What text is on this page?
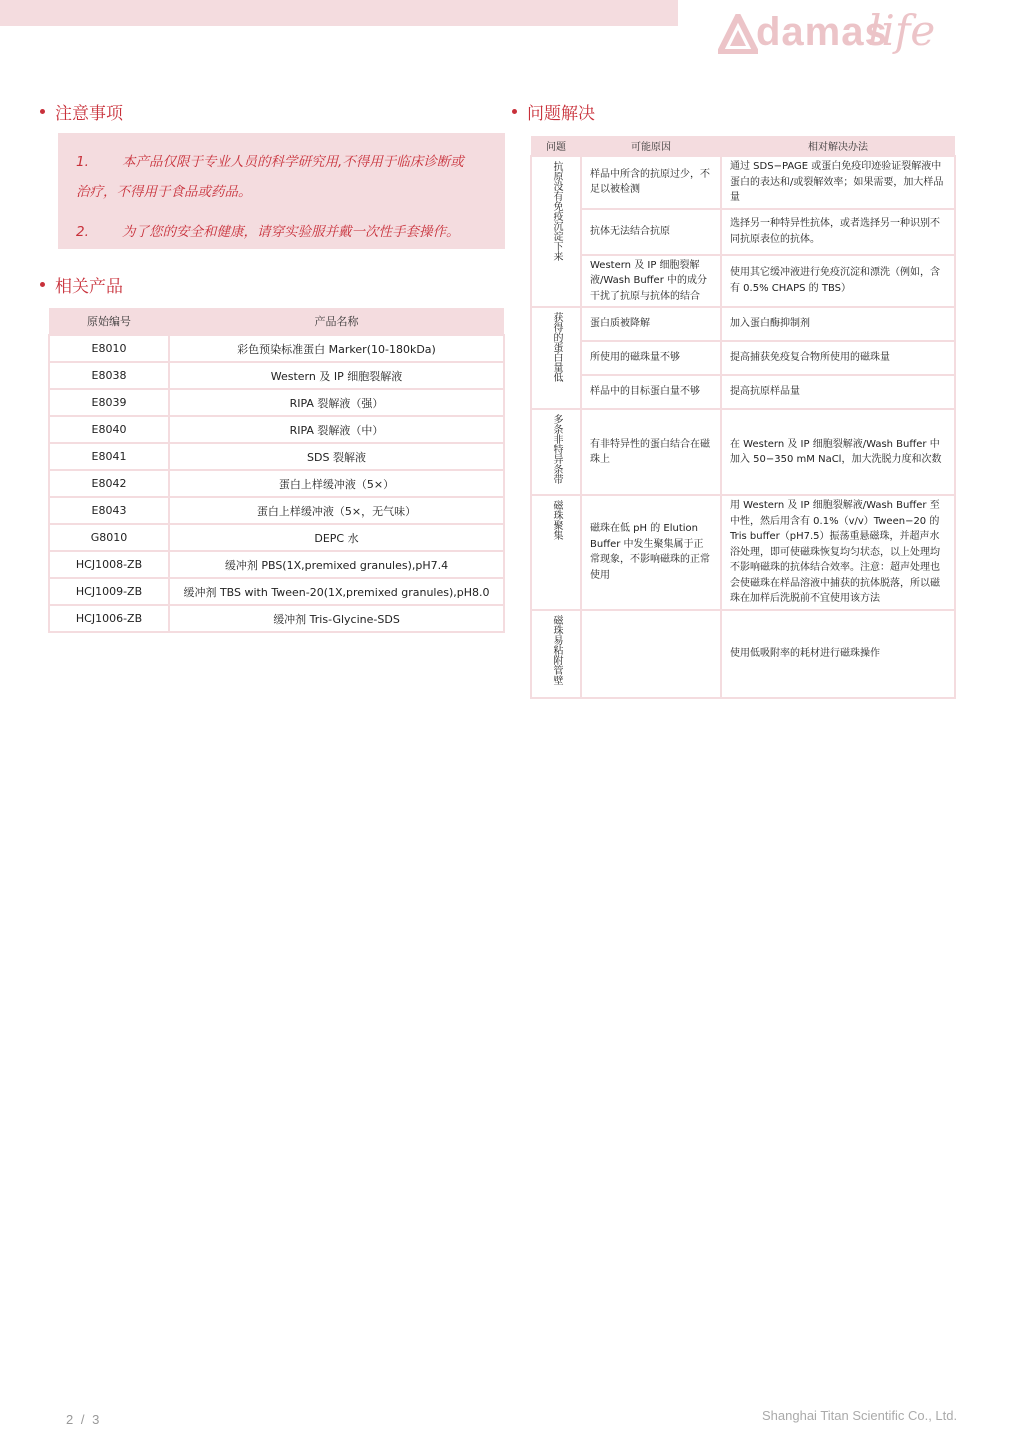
damas
life
注意事项
1. 本产品仅限于专业人员的科学研究用,不得用于临床诊断或
治疗，不得用于食品或药品。
2. 为了您的安全和健康，请穿实验服并戴一次性手套操作。
相关产品
原始编号	产品名称
E8010	彩色预染标准蛋白 Marker(10-180kDa)
E8038	Western 及 IP 细胞裂解液
E8039	RIPA 裂解液（强）
E8040	RIPA 裂解液（中）
E8041	SDS 裂解液
E8042	蛋白上样缓冲液（5×）
E8043	蛋白上样缓冲液（5×，无气味）
G8010	DEPC 水
HCJ1008-ZB	缓冲剂 PBS(1X,premixed granules),pH7.4
HCJ1009-ZB	缓冲剂 TBS with Tween-20(1X,premixed granules),pH8.0
HCJ1006-ZB	缓冲剂 Tris-Glycine-SDS
问题解决
问题	可能原因	相对解决办法
抗原没有免疫沉淀下来	样品中所含的抗原过少，不足以被检测	通过 SDS−PAGE 或蛋白免疫印迹验证裂解液中蛋白的表达和/或裂解效率；如果需要，加大样品量
	抗体无法结合抗原	选择另一种特异性抗体，或者选择另一种识别不同抗原表位的抗体。
	Western 及 IP 细胞裂解液/Wash Buffer 中的成分干扰了抗原与抗体的结合	使用其它缓冲液进行免疫沉淀和漂洗（例如，含有 0.5% CHAPS 的 TBS）
获得的蛋白量低	蛋白质被降解	加入蛋白酶抑制剂
	所使用的磁珠量不够	提高捕获免疫复合物所使用的磁珠量
	样品中的目标蛋白量不够	提高抗原样品量
多条非特异条带	有非特异性的蛋白结合在磁珠上	在 Western 及 IP 细胞裂解液/Wash Buffer 中加入 50−350 mM NaCl，加大洗脱力度和次数
磁珠聚集	磁珠在低 pH 的 Elution Buffer 中发生聚集属于正常现象，不影响磁珠的正常使用	用 Western 及 IP 细胞裂解液/Wash Buffer 至中性，然后用含有 0.1%（v/v）Tween−20 的 Tris buffer（pH7.5）振荡重悬磁珠，并超声水浴处理，即可使磁珠恢复均匀状态，以上处理均不影响磁珠的抗体结合效率。注意：超声处理也会使磁珠在样品溶液中捕获的抗体脱落，所以磁珠在加样后洗脱前不宜使用该方法
磁珠易粘附管壁		使用低吸附率的耗材进行磁珠操作
2 / 3	Shanghai Titan Scientific Co., Ltd.
